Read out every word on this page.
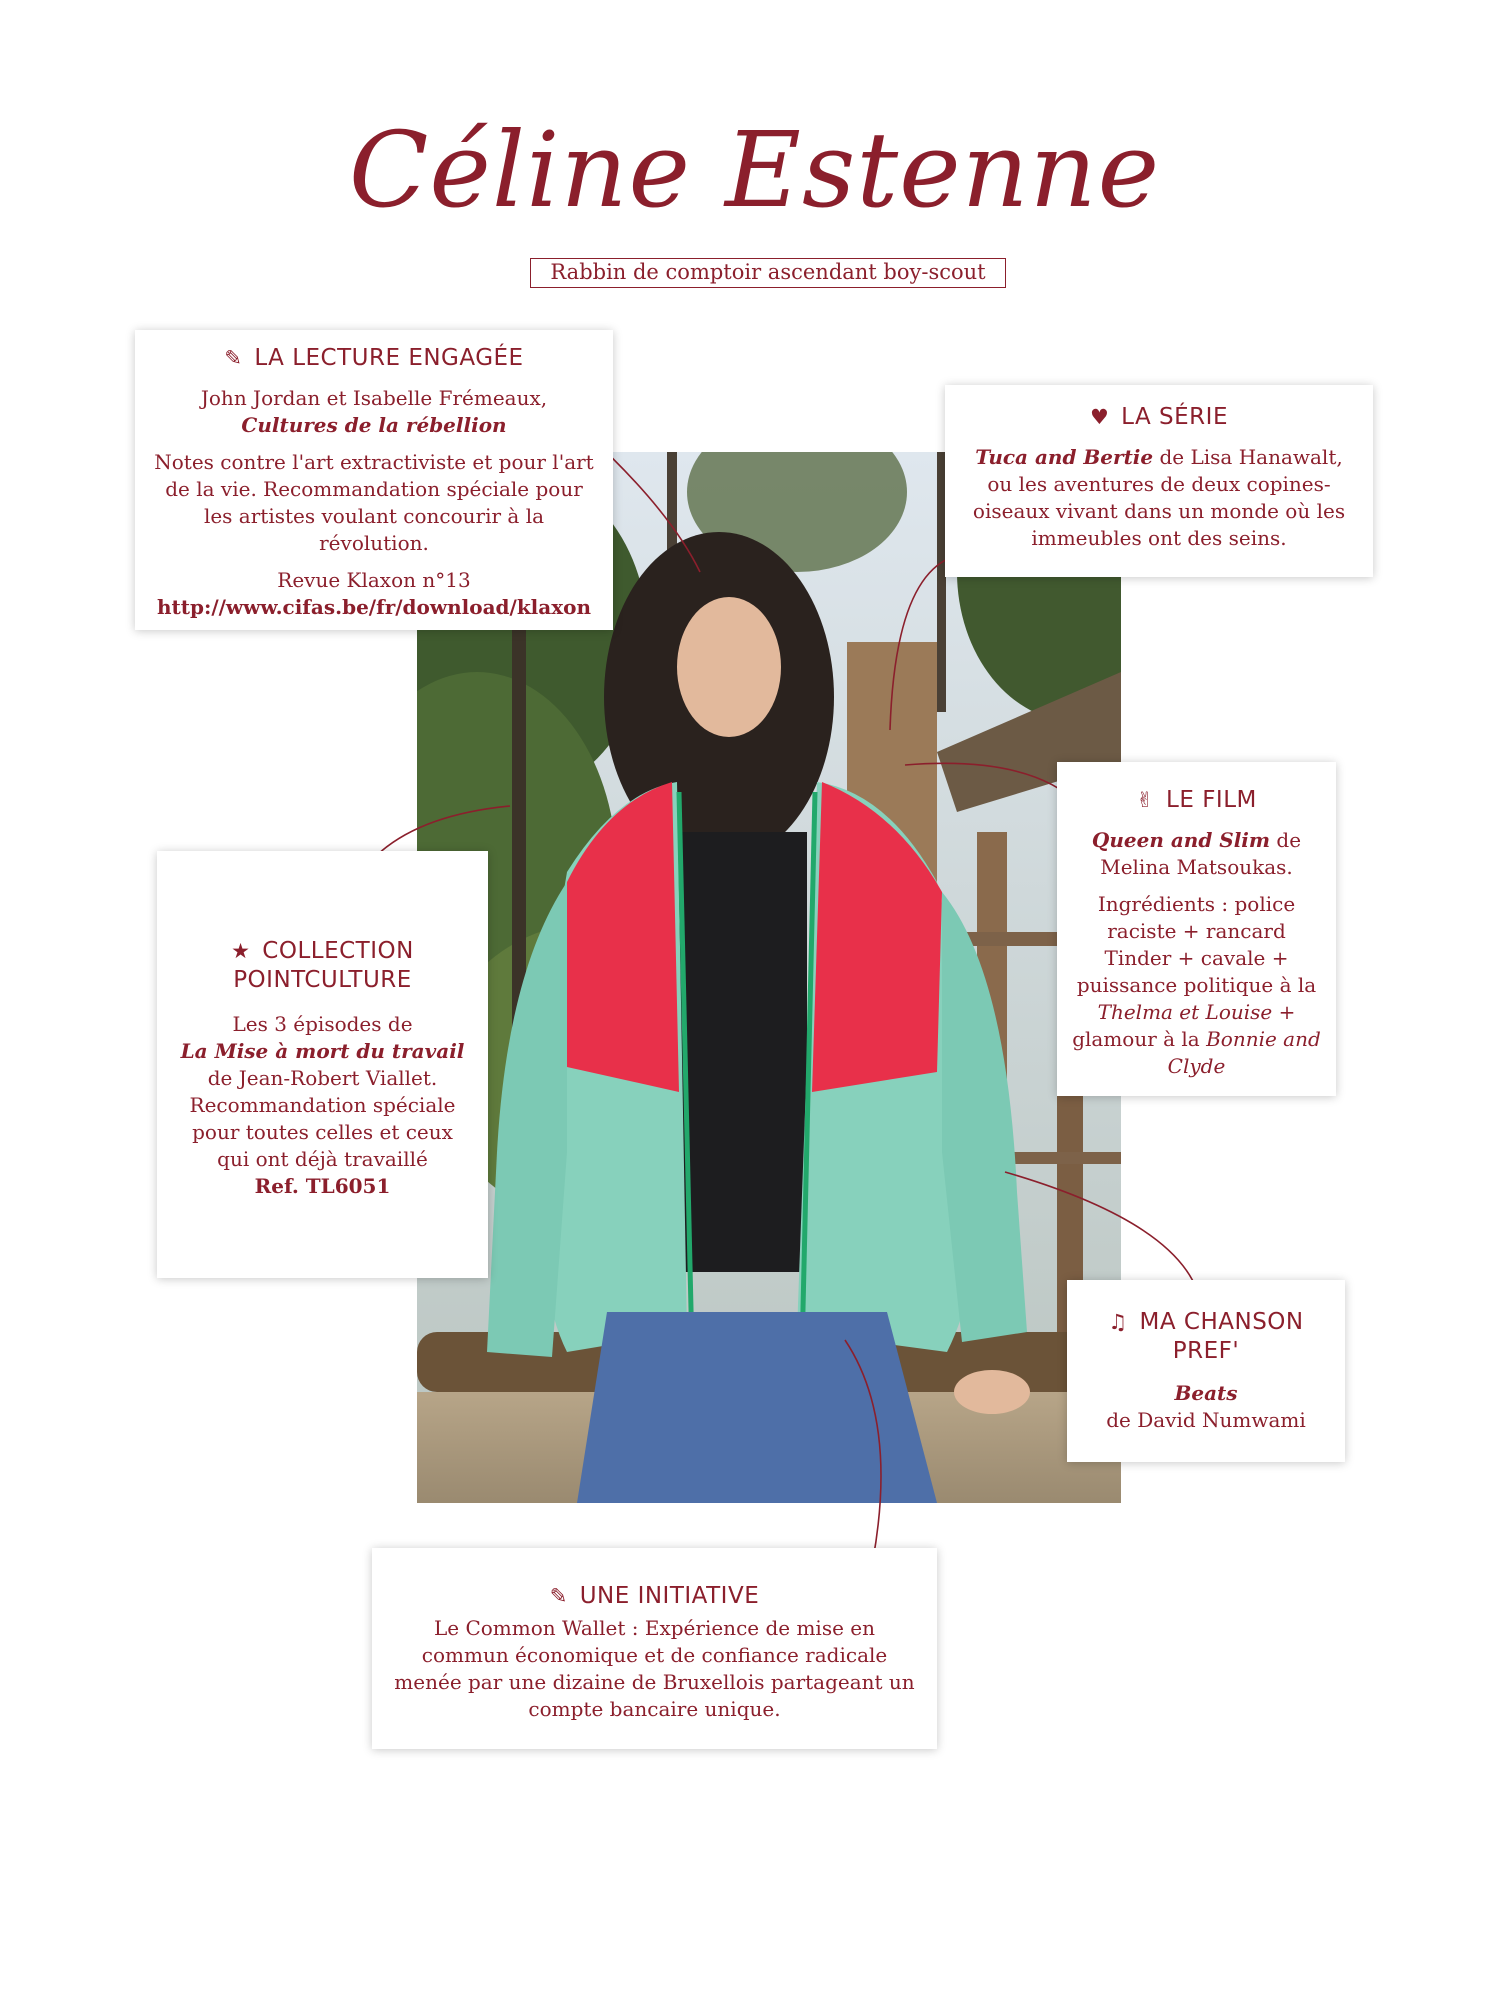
Céline Estenne
Rabbin de comptoir ascendant boy-scout
✎ LA LECTURE ENGAGÉE

John Jordan et Isabelle Frémeaux,
Cultures de la rébellion

Notes contre l'art extractiviste et pour l'art de la vie. Recommandation spéciale pour les artistes voulant concourir à la révolution.

Revue Klaxon n°13
http://www.cifas.be/fr/download/klaxon

♥ LA SÉRIE

Tuca and Bertie de Lisa Hanawalt, ou les aventures de deux copines-oiseaux vivant dans un monde où les immeubles ont des seins.

✌ LE FILM

Queen and Slim de Melina Matsoukas.

Ingrédients : police raciste + rancard Tinder + cavale + puissance politique à la Thelma et Louise + glamour à la Bonnie and Clyde

★ COLLECTION POINTCULTURE

Les 3 épisodes de
La Mise à mort du travail
de Jean-Robert Viallet.
Recommandation spéciale pour toutes celles et ceux qui ont déjà travaillé
Ref. TL6051

♫ MA CHANSON PREF'

Beats
de David Numwami

✎ UNE INITIATIVE

Le Common Wallet : Expérience de mise en commun économique et de confiance radicale menée par une dizaine de Bruxellois partageant un compte bancaire unique.
